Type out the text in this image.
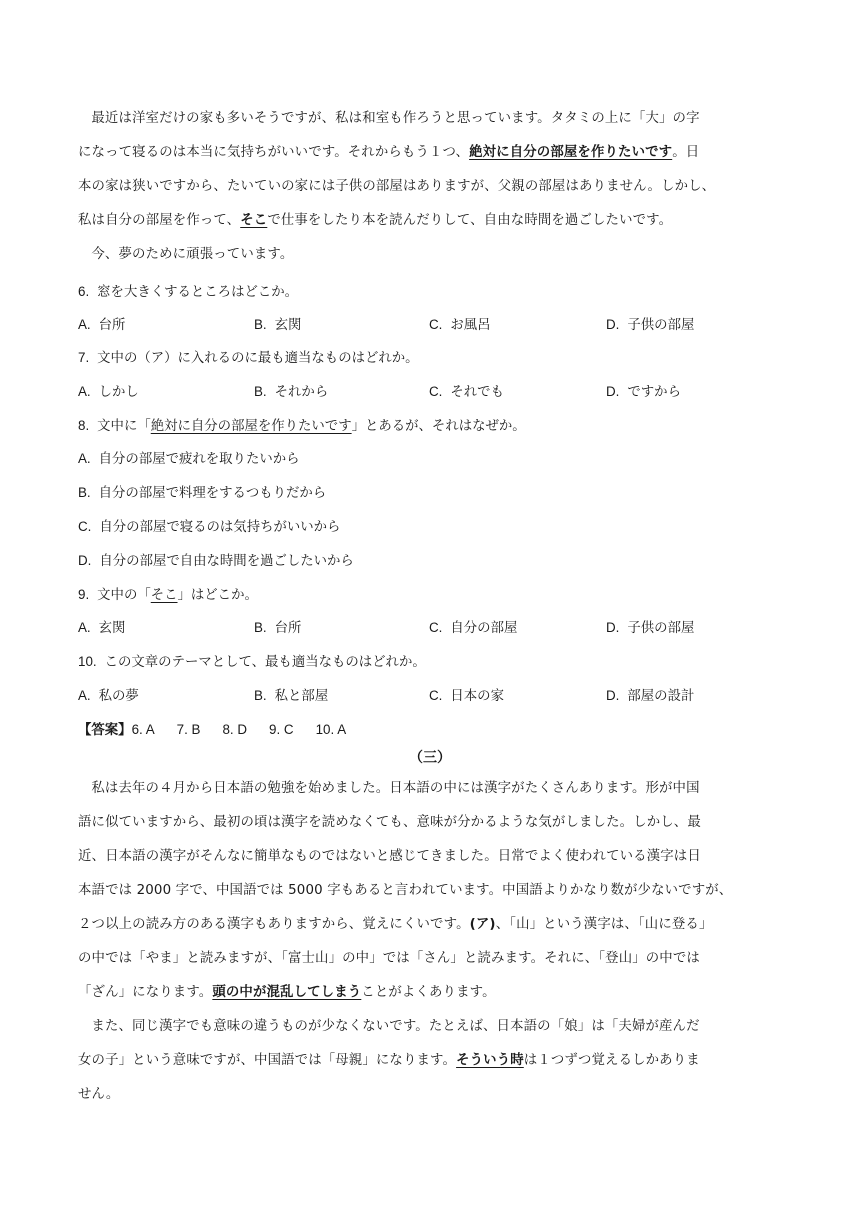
最近は洋室だけの家も多いそうですが、私は和室も作ろうと思っています。タタミの上に「大」の字
になって寝るのは本当に気持ちがいいです。それからもう１つ、絶対に自分の部屋を作りたいです。日
本の家は狭いですから、たいていの家には子供の部屋はありますが、父親の部屋はありません。しかし、
私は自分の部屋を作って、そこで仕事をしたり本を読んだりして、自由な時間を過ごしたいです。
今、夢のために頑張っています。
6. 窓を大きくするところはどこか。
A. 台所	B. 玄関	C. お風呂	D. 子供の部屋
7. 文中の（ア）に入れるのに最も適当なものはどれか。
A. しかし	B. それから	C. それでも	D. ですから
8. 文中に「絶対に自分の部屋を作りたいです」とあるが、それはなぜか。
A. 自分の部屋で疲れを取りたいから
B. 自分の部屋で料理をするつもりだから
C. 自分の部屋で寝るのは気持ちがいいから
D. 自分の部屋で自由な時間を過ごしたいから
9. 文中の「そこ」はどこか。
A. 玄関	B. 台所	C. 自分の部屋	D. 子供の部屋
10. この文章のテーマとして、最も適当なものはどれか。
A. 私の夢	B. 私と部屋	C. 日本の家	D. 部屋の設計
【答案】6. A 7. B 8. D 9. C 10. A
（三）
私は去年の４月から日本語の勉強を始めました。日本語の中には漢字がたくさんあります。形が中国
語に似ていますから、最初の頃は漢字を読めなくても、意味が分かるような気がしました。しかし、最
近、日本語の漢字がそんなに簡単なものではないと感じてきました。日常でよく使われている漢字は日
本語では 2000 字で、中国語では 5000 字もあると言われています。中国語よりかなり数が少ないですが、
２つ以上の読み方のある漢字もありますから、覚えにくいです。(ア)、「山」という漢字は、「山に登る」
の中では「やま」と読みますが、「富士山」の中」では「さん」と読みます。それに、「登山」の中では
「ざん」になります。頭の中が混乱してしまうことがよくあります。
また、同じ漢字でも意味の違うものが少なくないです。たとえば、日本語の「娘」は「夫婦が産んだ
女の子」という意味ですが、中国語では「母親」になります。そういう時は１つずつ覚えるしかありま
せん。
